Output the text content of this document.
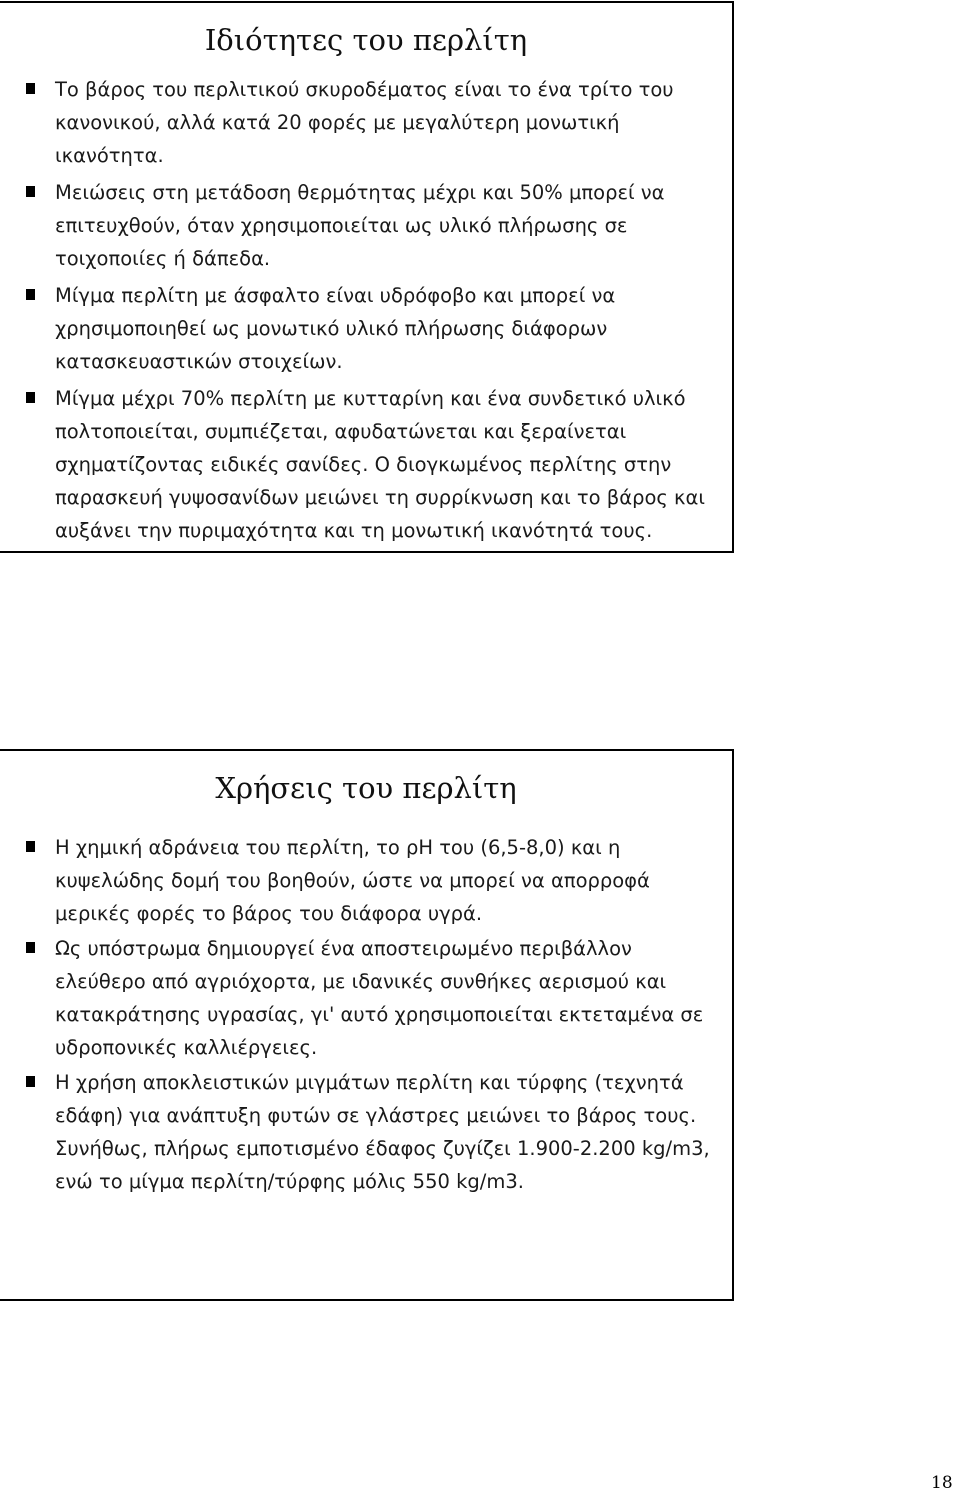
Ιδιότητες του περλίτη
Το βάρος του περλιτικού σκυροδέματος είναι το ένα τρίτο του
κανονικού, αλλά κατά 20 φορές με μεγαλύτερη μονωτική
ικανότητα.
Μειώσεις στη μετάδοση θερμότητας μέχρι και 50% μπορεί να
επιτευχθούν, όταν χρησιμοποιείται ως υλικό πλήρωσης σε
τοιχοποιίες ή δάπεδα.
Μίγμα περλίτη με άσφαλτο είναι υδρόφοβο και μπορεί να
χρησιμοποιηθεί ως μονωτικό υλικό πλήρωσης διάφορων
κατασκευαστικών στοιχείων.
Μίγμα μέχρι 70% περλίτη με κυτταρίνη και ένα συνδετικό υλικό
πολτοποιείται, συμπιέζεται, αφυδατώνεται και ξεραίνεται
σχηματίζοντας ειδικές σανίδες. Ο διογκωμένος περλίτης στην
παρασκευή γυψοσανίδων μειώνει τη συρρίκνωση και το βάρος και
αυξάνει την πυριμαχότητα και τη μονωτική ικανότητά τους.
Χρήσεις του περλίτη
Η χημική αδράνεια του περλίτη, το ρH του (6,5-8,0) και η
κυψελώδης δομή του βοηθούν, ώστε να μπορεί να απορροφά
μερικές φορές το βάρος του διάφορα υγρά.
Ως υπόστρωμα δημιουργεί ένα αποστειρωμένο περιβάλλον
ελεύθερο από αγριόχορτα, με ιδανικές συνθήκες αερισμού και
κατακράτησης υγρασίας, γι' αυτό χρησιμοποιείται εκτεταμένα σε
υδροπονικές καλλιέργειες.
Η χρήση αποκλειστικών μιγμάτων περλίτη και τύρφης (τεχνητά
εδάφη) για ανάπτυξη φυτών σε γλάστρες μειώνει το βάρος τους.
Συνήθως, πλήρως εμποτισμένο έδαφος ζυγίζει 1.900-2.200 kg/m3,
ενώ το μίγμα περλίτη/τύρφης μόλις 550 kg/m3.
18
